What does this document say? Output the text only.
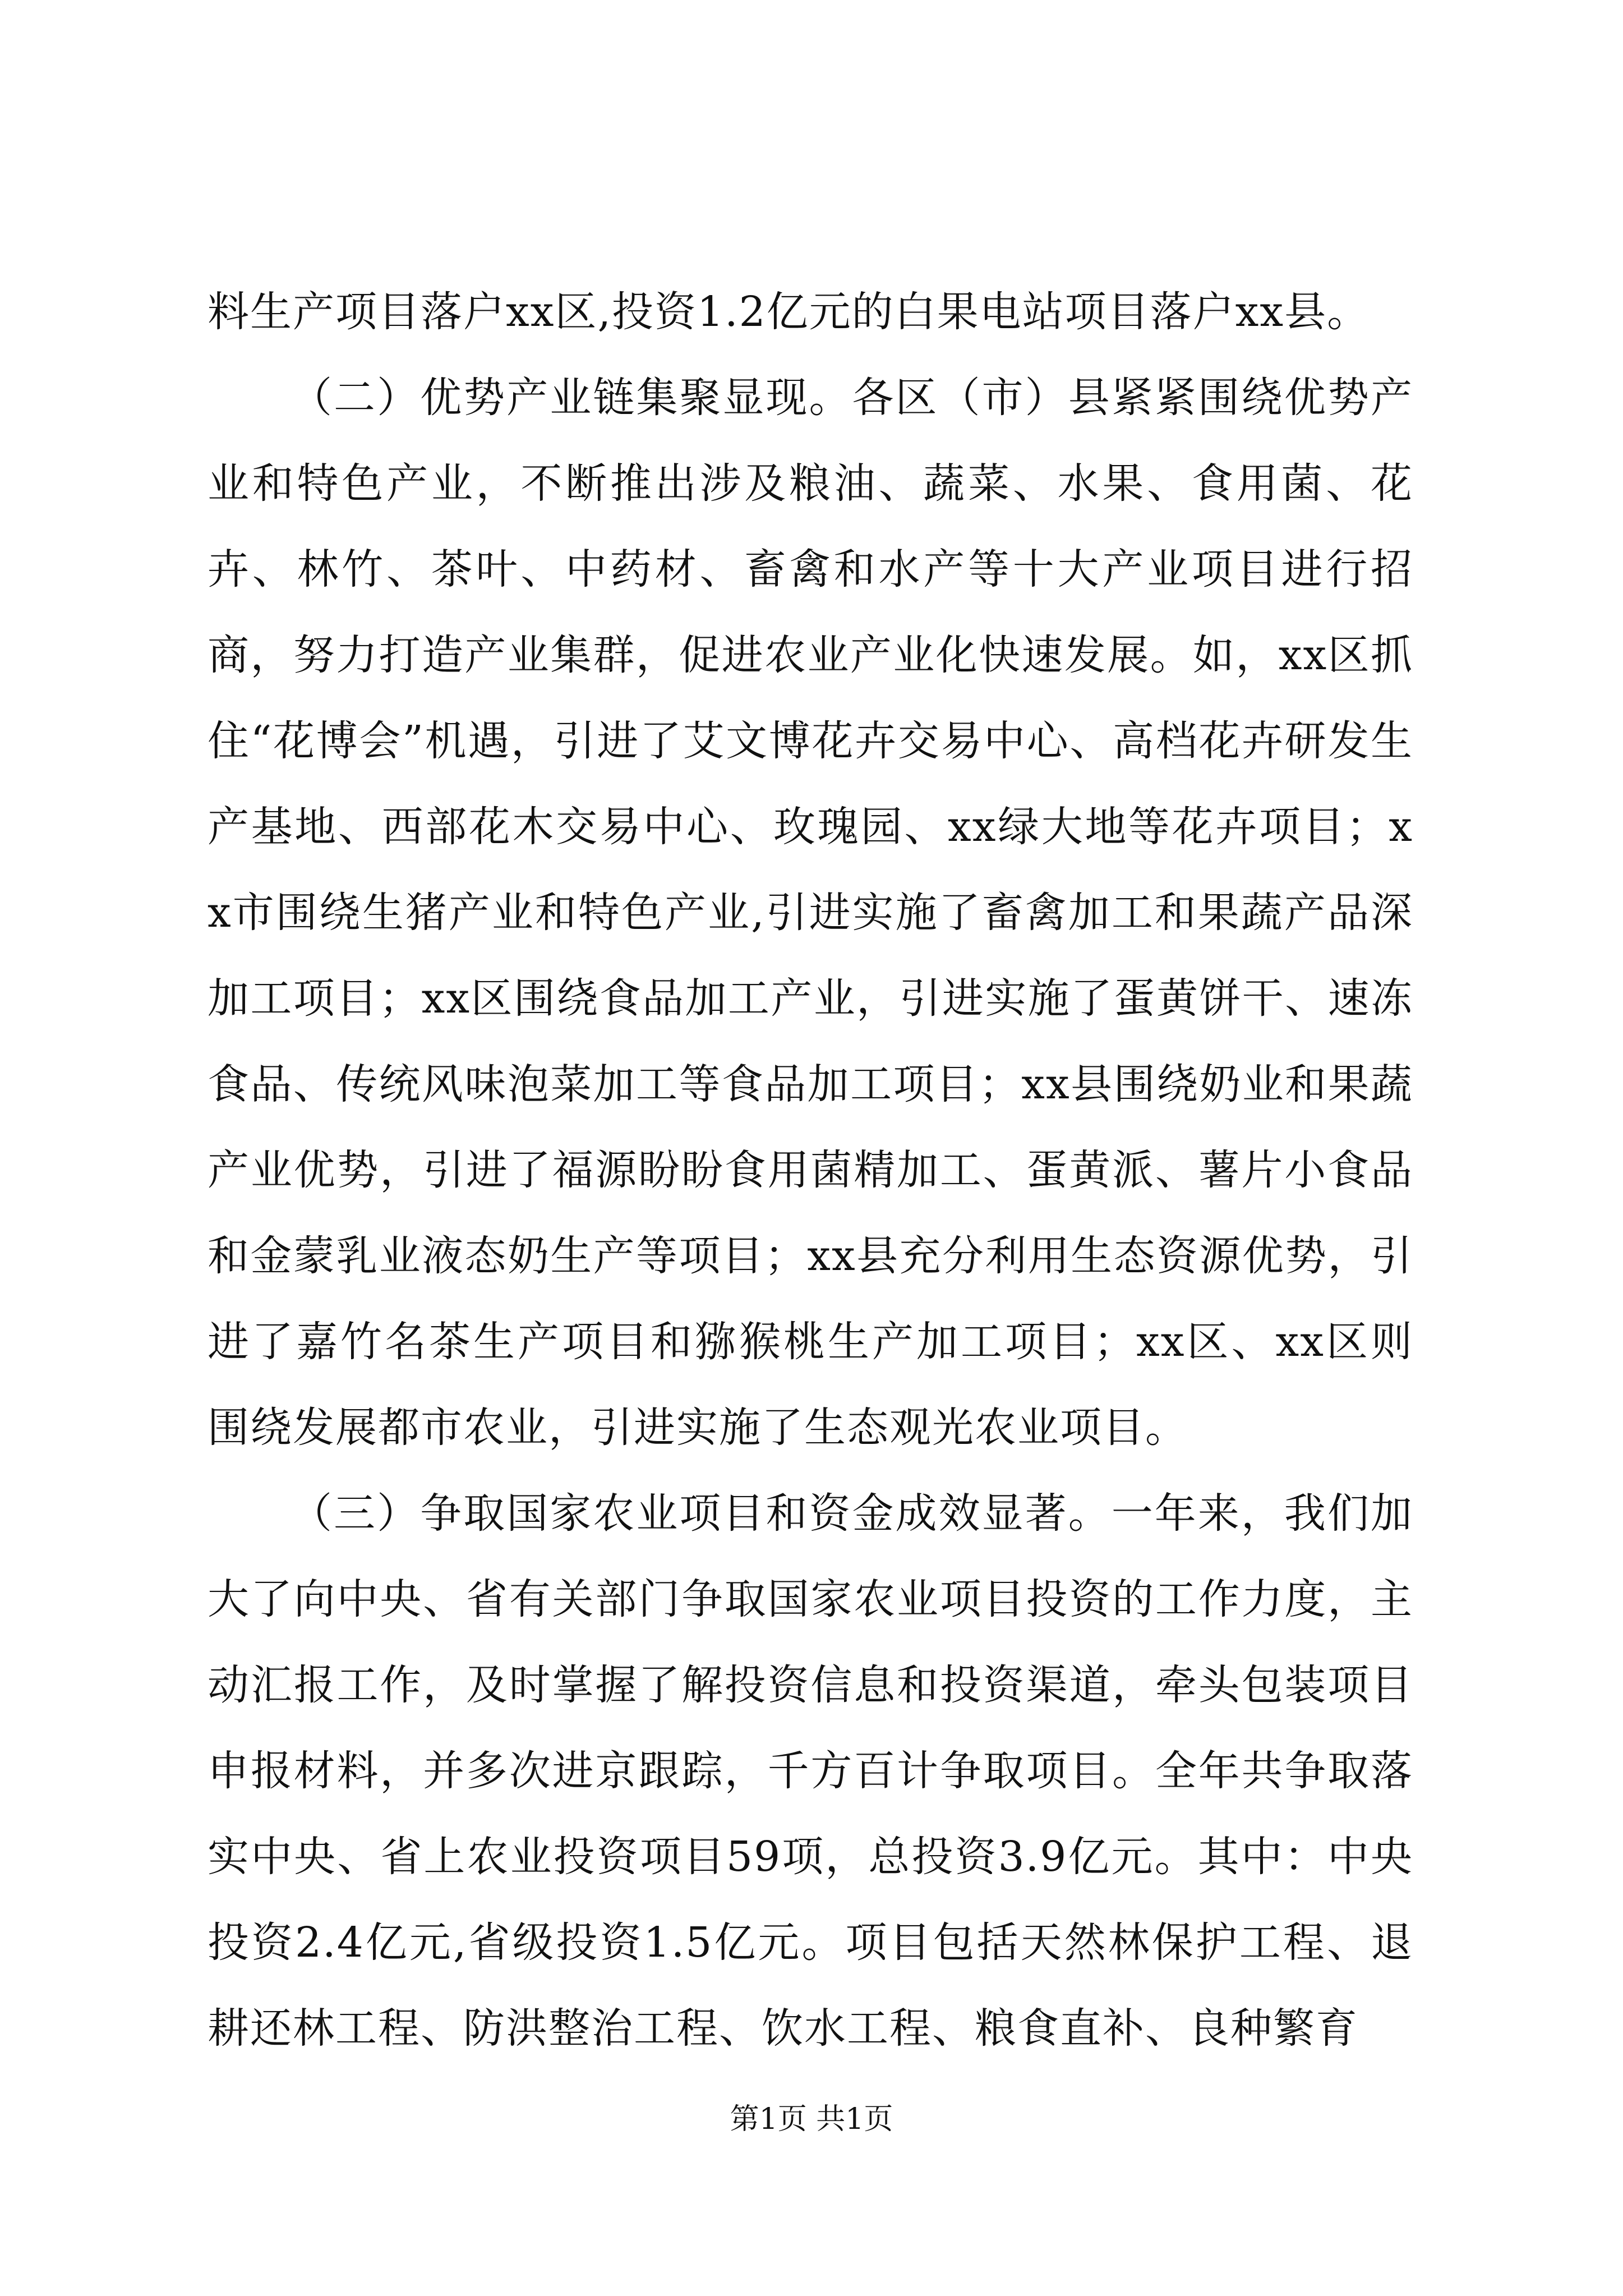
料生产项目落户xx区,投资1.2亿元的白果电站项目落户xx县。

（二）优势产业链集聚显现。各区（市）县紧紧围绕优势产业和特色产业，不断推出涉及粮油、蔬菜、水果、食用菌、花卉、林竹、茶叶、中药材、畜禽和水产等十大产业项目进行招商，努力打造产业集群，促进农业产业化快速发展。如，xx区抓住“花博会”机遇，引进了艾文博花卉交易中心、高档花卉研发生产基地、西部花木交易中心、玫瑰园、xx绿大地等花卉项目；xx市围绕生猪产业和特色产业,引进实施了畜禽加工和果蔬产品深加工项目；xx区围绕食品加工产业，引进实施了蛋黄饼干、速冻食品、传统风味泡菜加工等食品加工项目；xx县围绕奶业和果蔬产业优势，引进了福源盼盼食用菌精加工、蛋黄派、薯片小食品和金蒙乳业液态奶生产等项目；xx县充分利用生态资源优势，引进了嘉竹名茶生产项目和猕猴桃生产加工项目；xx区、xx区则围绕发展都市农业，引进实施了生态观光农业项目。

（三）争取国家农业项目和资金成效显著。一年来，我们加大了向中央、省有关部门争取国家农业项目投资的工作力度，主动汇报工作，及时掌握了解投资信息和投资渠道，牵头包装项目申报材料，并多次进京跟踪，千方百计争取项目。全年共争取落实中央、省上农业投资项目59项，总投资3.9亿元。其中：中央投资2.4亿元,省级投资1.5亿元。项目包括天然林保护工程、退耕还林工程、防洪整治工程、饮水工程、粮食直补、良种繁育

第1页 共1页
